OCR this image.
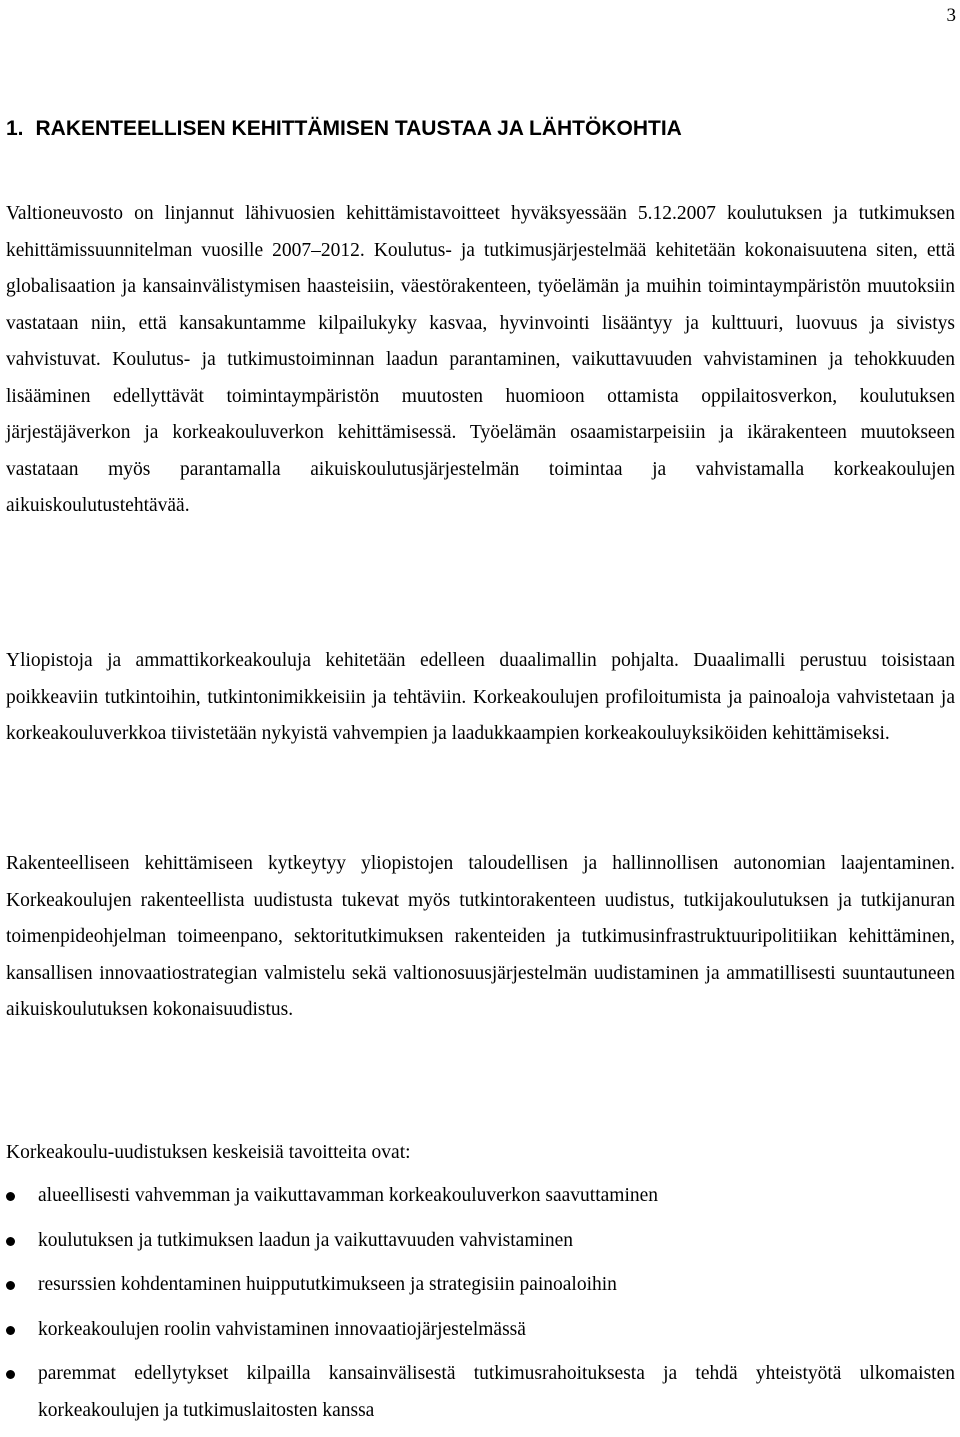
3
1. RAKENTEELLISEN KEHITTÄMISEN TAUSTAA JA LÄHTÖKOHTIA

Valtioneuvosto on linjannut lähivuosien kehittämistavoitteet hyväksyessään 5.12.2007 koulutuksen ja tutkimuksen kehittämissuunnitelman vuosille 2007–2012. Koulutus- ja tutkimusjärjestelmää kehitetään kokonaisuutena siten, että globalisaation ja kansainvälistymisen haasteisiin, väestörakenteen, työelämän ja muihin toimintaympäristön muutoksiin vastataan niin, että kansakuntamme kilpailukyky kasvaa, hyvinvointi lisääntyy ja kulttuuri, luovuus ja sivistys vahvistuvat. Koulutus- ja tutkimustoiminnan laadun parantaminen, vaikuttavuuden vahvistaminen ja tehokkuuden lisääminen edellyttävät toimintaympäristön muutosten huomioon ottamista oppilaitosverkon, koulutuksen järjestäjäverkon ja korkeakouluverkon kehittämisessä. Työelämän osaamistarpeisiin ja ikärakenteen muutokseen vastataan myös parantamalla aikuiskoulutusjärjestelmän toimintaa ja vahvistamalla korkeakoulujen aikuiskoulutustehtävää.

Yliopistoja ja ammattikorkeakouluja kehitetään edelleen duaalimallin pohjalta. Duaalimalli perustuu toisistaan poikkeaviin tutkintoihin, tutkintonimikkeisiin ja tehtäviin. Korkeakoulujen profiloitumista ja painoaloja vahvistetaan ja korkeakouluverkkoa tiivistetään nykyistä vahvempien ja laadukkaampien korkeakouluyksiköiden kehittämiseksi.

Rakenteelliseen kehittämiseen kytkeytyy yliopistojen taloudellisen ja hallinnollisen autonomian laajentaminen. Korkeakoulujen rakenteellista uudistusta tukevat myös tutkintorakenteen uudistus, tutkijakoulutuksen ja tutkijanuran toimenpideohjelman toimeenpano, sektoritutkimuksen rakenteiden ja tutkimusinfrastruktuuripolitiikan kehittäminen, kansallisen innovaatiostrategian valmistelu sekä valtionosuusjärjestelmän uudistaminen ja ammatillisesti suuntautuneen aikuiskoulutuksen kokonaisuudistus.

Korkeakoulu-uudistuksen keskeisiä tavoitteita ovat:

alueellisesti vahvemman ja vaikuttavamman korkeakouluverkon saavuttaminen
koulutuksen ja tutkimuksen laadun ja vaikuttavuuden vahvistaminen
resurssien kohdentaminen huippututkimukseen ja strategisiin painoaloihin
korkeakoulujen roolin vahvistaminen innovaatiojärjestelmässä
paremmat edellytykset kilpailla kansainvälisestä tutkimusrahoituksesta ja tehdä yhteistyötä ulkomaisten korkeakoulujen ja tutkimuslaitosten kanssa
